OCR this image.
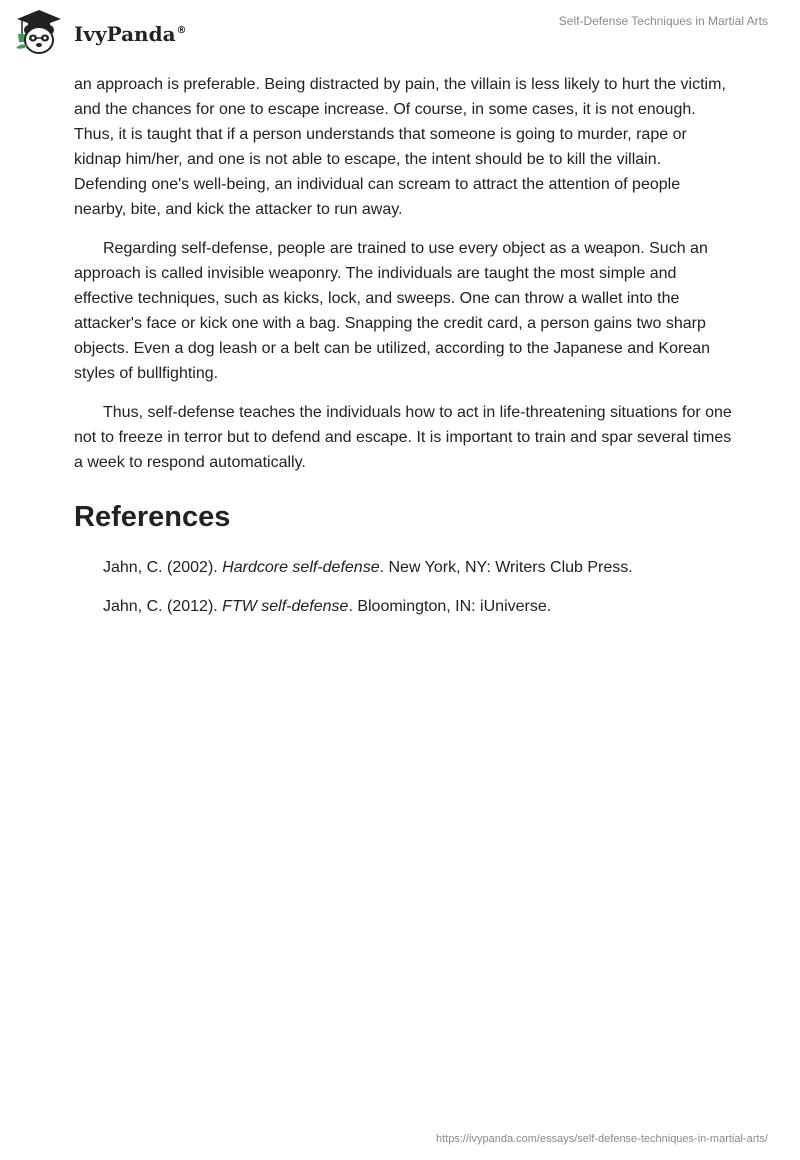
IvyPanda®
Self-Defense Techniques in Martial Arts

an approach is preferable. Being distracted by pain, the villain is less likely to hurt the victim, and the chances for one to escape increase. Of course, in some cases, it is not enough. Thus, it is taught that if a person understands that someone is going to murder, rape or kidnap him/her, and one is not able to escape, the intent should be to kill the villain. Defending one's well-being, an individual can scream to attract the attention of people nearby, bite, and kick the attacker to run away.

Regarding self-defense, people are trained to use every object as a weapon. Such an approach is called invisible weaponry. The individuals are taught the most simple and effective techniques, such as kicks, lock, and sweeps. One can throw a wallet into the attacker's face or kick one with a bag. Snapping the credit card, a person gains two sharp objects. Even a dog leash or a belt can be utilized, according to the Japanese and Korean styles of bullfighting.

Thus, self-defense teaches the individuals how to act in life-threatening situations for one not to freeze in terror but to defend and escape. It is important to train and spar several times a week to respond automatically.

References

Jahn, C. (2002). Hardcore self-defense. New York, NY: Writers Club Press.

Jahn, C. (2012). FTW self-defense. Bloomington, IN: iUniverse.

https://ivypanda.com/essays/self-defense-techniques-in-martial-arts/
